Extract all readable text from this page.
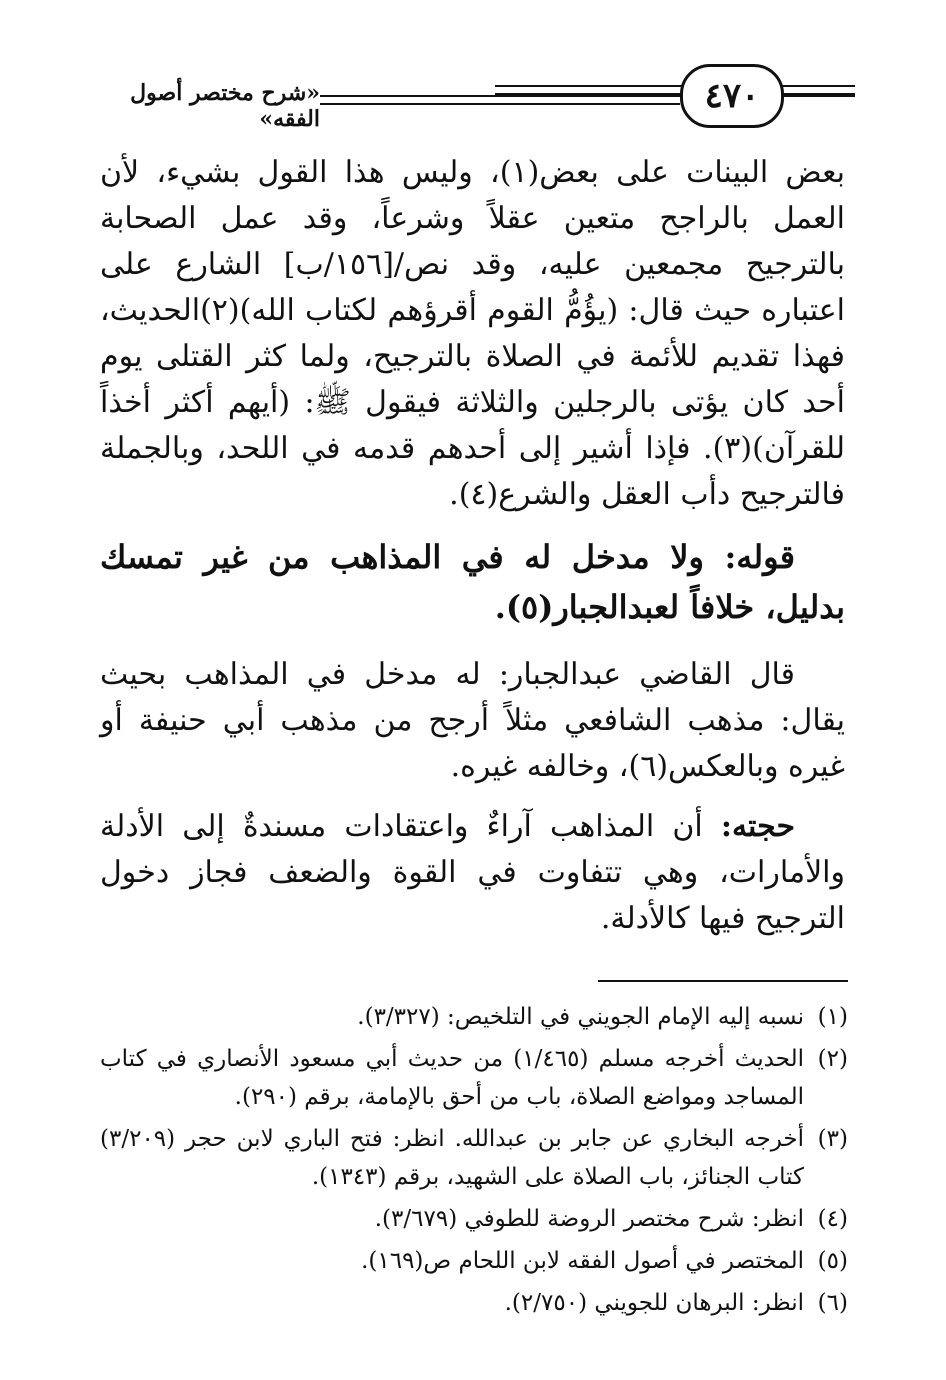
٤٧٠
«شرح مختصر أصول الفقه»

بعض البينات على بعض(١)، وليس هذا القول بشيء، لأن العمل بالراجح متعين عقلاً وشرعاً، وقد عمل الصحابة بالترجيح مجمعين عليه، وقد نص/[١٥٦/ب] الشارع على اعتباره حيث قال: (يؤُمُّ القوم أقرؤهم لكتاب الله)(٢)الحديث، فهذا تقديم للأئمة في الصلاة بالترجيح، ولما كثر القتلى يوم أحد كان يؤتى بالرجلين والثلاثة فيقول ﷺ: (أيهم أكثر أخذاً للقرآن)(٣). فإذا أشير إلى أحدهم قدمه في اللحد، وبالجملة فالترجيح دأب العقل والشرع(٤).

قوله: ولا مدخل له في المذاهب من غير تمسك بدليل، خلافاً لعبدالجبار(٥).

قال القاضي عبدالجبار: له مدخل في المذاهب بحيث يقال: مذهب الشافعي مثلاً أرجح من مذهب أبي حنيفة أو غيره وبالعكس(٦)، وخالفه غيره.

حجته: أن المذاهب آراءٌ واعتقادات مسندةٌ إلى الأدلة والأمارات، وهي تتفاوت في القوة والضعف فجاز دخول الترجيح فيها كالأدلة.

(١)
نسبه إليه الإمام الجويني في التلخيص: (٣/٣٢٧).

(٢)
الحديث أخرجه مسلم (١/٤٦٥) من حديث أبي مسعود الأنصاري في كتاب المساجد ومواضع الصلاة، باب من أحق بالإمامة، برقم (٢٩٠).

(٣)
أخرجه البخاري عن جابر بن عبدالله. انظر: فتح الباري لابن حجر (٣/٢٠٩) كتاب الجنائز، باب الصلاة على الشهيد، برقم (١٣٤٣).

(٤)
انظر: شرح مختصر الروضة للطوفي (٣/٦٧٩).

(٥)
المختصر في أصول الفقه لابن اللحام ص(١٦٩).

(٦)
انظر: البرهان للجويني (٢/٧٥٠).
